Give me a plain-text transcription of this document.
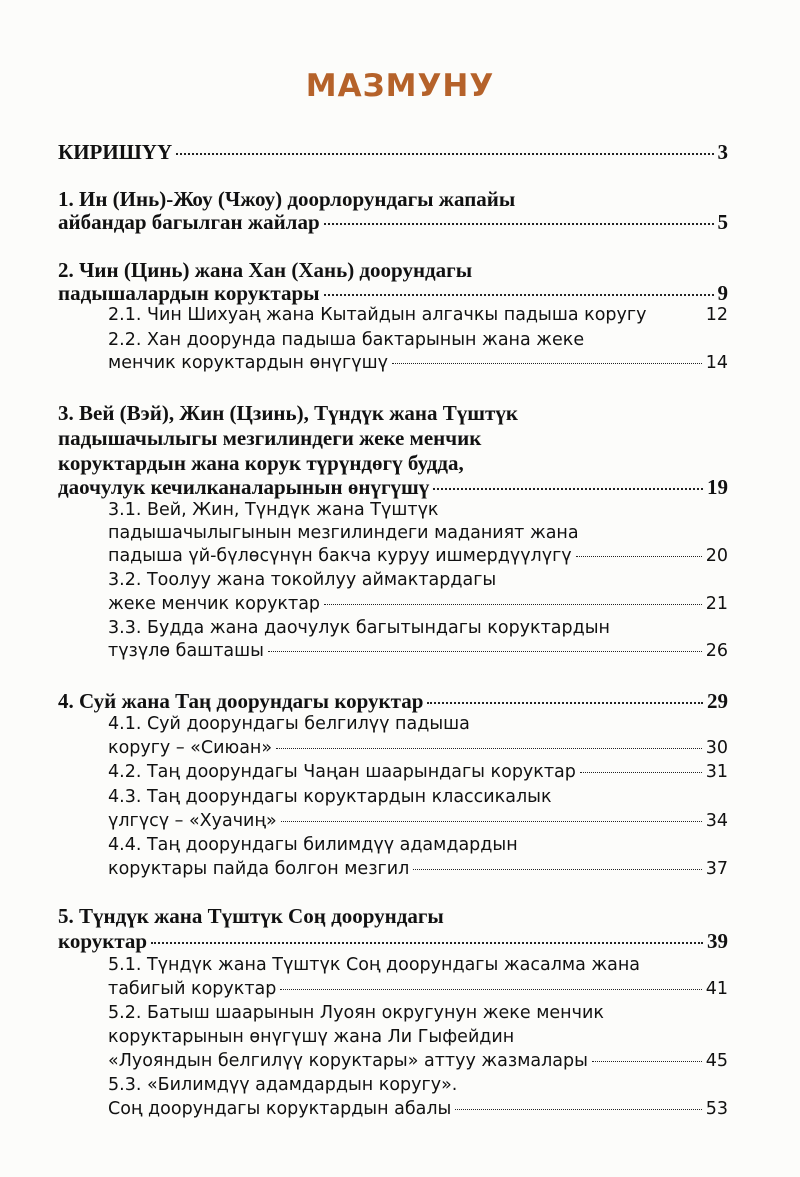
МАЗМУНУ
КИРИШҮҮ	3
1. Ин (Инь)-Жоу (Чжоу) доорлорундагы жапайы
айбандар багылган жайлар	5
2. Чин (Цинь) жана Хан (Хань) доорундагы
падышалардын коруктары	9
2.1. Чин Шихуаң жана Кытайдын алгачкы падыша коругу	12
2.2. Хан доорунда падыша бактарынын жана жеке
менчик коруктардын өнүгүшү	14
3. Вей (Вэй), Жин (Цзинь), Түндүк жана Түштүк
падышачылыгы мезгилиндеги жеке менчик
коруктардын жана корук түрүндөгү будда,
даочулук кечилканаларынын өнүгүшү	19
3.1. Вей, Жин, Түндүк жана Түштүк
падышачылыгынын мезгилиндеги маданият жана
падыша үй-бүлөсүнүн бакча куруу ишмердүүлүгү	20
3.2. Тоолуу жана токойлуу аймактардагы
жеке менчик коруктар	21
3.3. Будда жана даочулук багытындагы коруктардын
түзүлө башташы	26
4. Суй жана Таң доорундагы коруктар	29
4.1. Суй доорундагы белгилүү падыша
коругу – «Сиюан»	30
4.2. Таң доорундагы Чаңан шаарындагы коруктар	31
4.3. Таң доорундагы коруктардын классикалык
үлгүсү – «Хуачиң»	34
4.4. Таң доорундагы билимдүү адамдардын
коруктары пайда болгон мезгил	37
5. Түндүк жана Түштүк Соң доорундагы
коруктар	39
5.1. Түндүк жана Түштүк Соң доорундагы жасалма жана
табигый коруктар	41
5.2. Батыш шаарынын Луоян округунун жеке менчик
коруктарынын өнүгүшү жана Ли Гыфейдин
«Луояндын белгилүү коруктары» аттуу жазмалары	45
5.3. «Билимдүү адамдардын коругу».
Соң доорундагы коруктардын абалы	53
